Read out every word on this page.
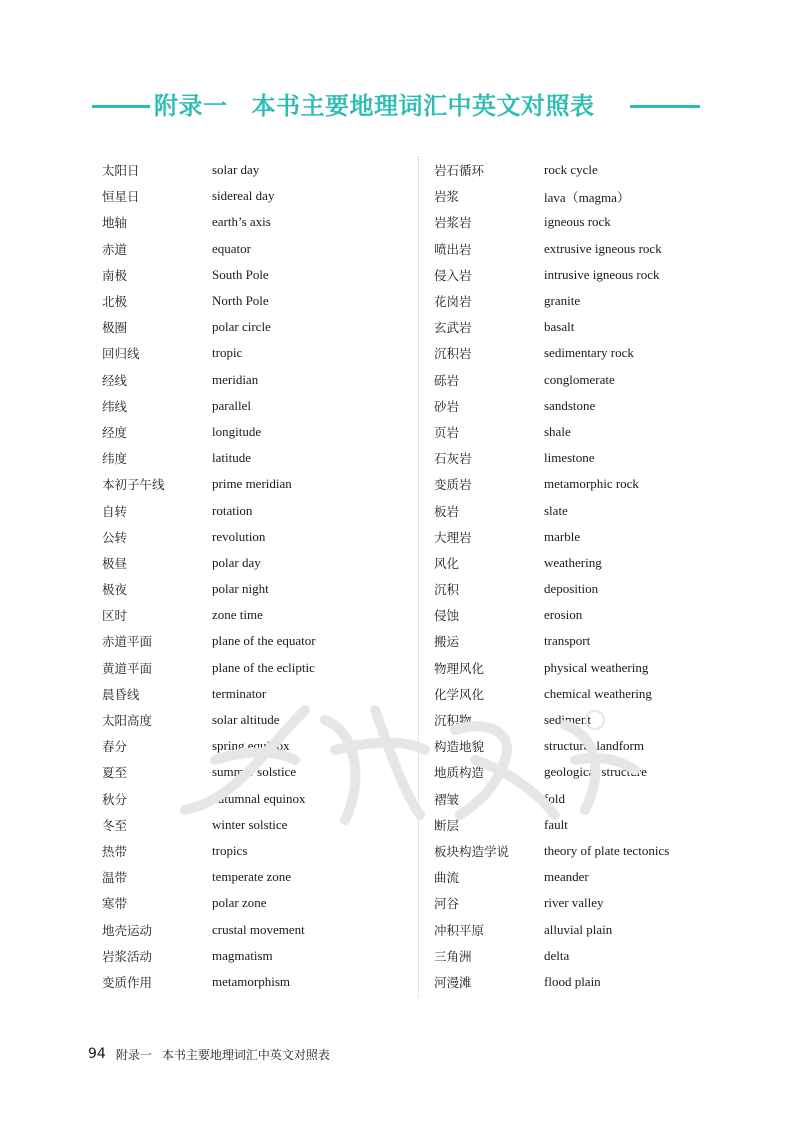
附录一 本书主要地理词汇中英文对照表
太阳日	solar day
恒星日	sidereal day
地轴	earth’s axis
赤道	equator
南极	South Pole
北极	North Pole
极圈	polar circle
回归线	tropic
经线	meridian
纬线	parallel
经度	longitude
纬度	latitude
本初子午线	prime meridian
自转	rotation
公转	revolution
极昼	polar day
极夜	polar night
区时	zone time
赤道平面	plane of the equator
黄道平面	plane of the ecliptic
晨昏线	terminator
太阳高度	solar altitude
春分	spring equinox
夏至	summer solstice
秋分	autumnal equinox
冬至	winter solstice
热带	tropics
温带	temperate zone
寒带	polar zone
地壳运动	crustal movement
岩浆活动	magmatism
变质作用	metamorphism
岩石循环	rock cycle
岩浆	lava（magma）
岩浆岩	igneous rock
喷出岩	extrusive igneous rock
侵入岩	intrusive igneous rock
花岗岩	granite
玄武岩	basalt
沉积岩	sedimentary rock
砾岩	conglomerate
砂岩	sandstone
页岩	shale
石灰岩	limestone
变质岩	metamorphic rock
板岩	slate
大理岩	marble
风化	weathering
沉积	deposition
侵蚀	erosion
搬运	transport
物理风化	physical weathering
化学风化	chemical weathering
沉积物	sediment
构造地貌	structural landform
地质构造	geological structure
褶皱	fold
断层	fault
板块构造学说	theory of plate tectonics
曲流	meander
河谷	river valley
冲积平原	alluvial plain
三角洲	delta
河漫滩	flood plain
94 附录一 本书主要地理词汇中英文对照表
